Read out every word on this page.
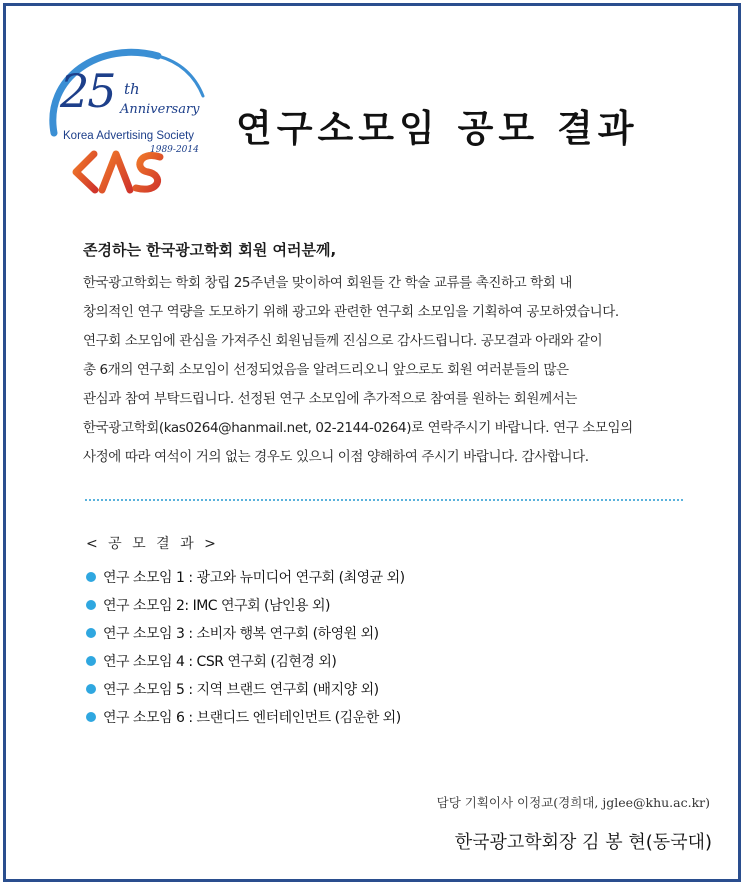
25 th
Anniversary
Korea Advertising Society
1989-2014 연구소모임 공모 결과
존경하는 한국광고학회 회원 여러분께,
한국광고학회는 학회 창립 25주년을 맞이하여 회원들 간 학술 교류를 촉진하고 학회 내
창의적인 연구 역량을 도모하기 위해 광고와 관련한 연구회 소모임을 기획하여 공모하였습니다.
연구회 소모임에 관심을 가져주신 회원님들께 진심으로 감사드립니다. 공모결과 아래와 같이
총 6개의 연구회 소모임이 선정되었음을 알려드리오니 앞으로도 회원 여러분들의 많은
관심과 참여 부탁드립니다. 선정된 연구 소모임에 추가적으로 참여를 원하는 회원께서는
한국광고학회(kas0264@hanmail.net, 02-2144-0264)로 연락주시기 바랍니다. 연구 소모임의
사정에 따라 여석이 거의 없는 경우도 있으니 이점 양해하여 주시기 바랍니다. 감사합니다.
< 공 모 결 과 >
연구 소모임 1 : 광고와 뉴미디어 연구회 (최영균 외)
연구 소모임 2: IMC 연구회 (남인용 외)
연구 소모임 3 : 소비자 행복 연구회 (하영원 외)
연구 소모임 4 : CSR 연구회 (김현경 외)
연구 소모임 5 : 지역 브랜드 연구회 (배지양 외)
연구 소모임 6 : 브랜디드 엔터테인먼트 (김운한 외)
담당 기획이사 이정교(경희대, jglee@khu.ac.kr)
한국광고학회장 김 봉 현(동국대)
